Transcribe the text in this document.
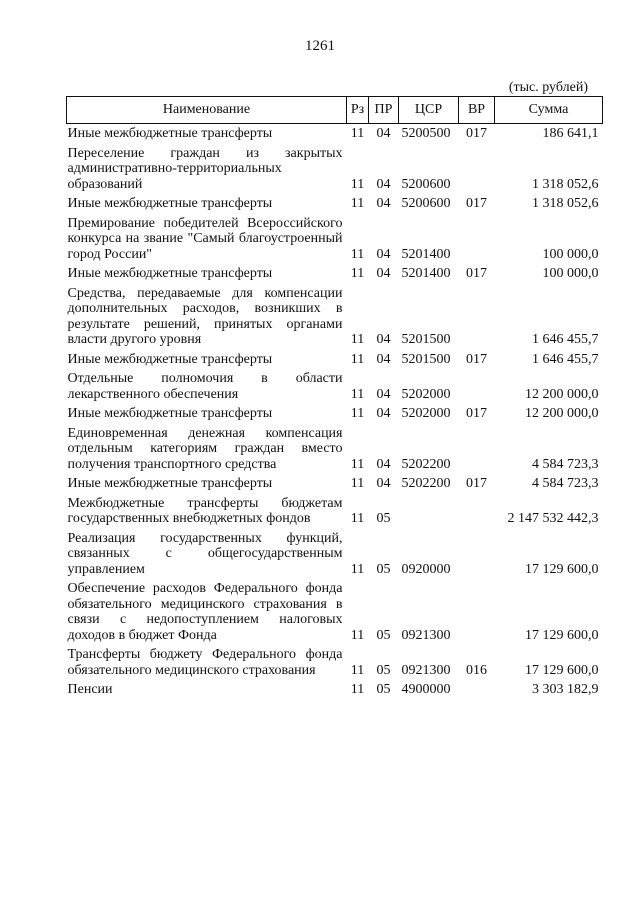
1261
(тыс. рублей)
Наименование	Рз	ПР	ЦСР	ВР	Сумма
Иные межбюджетные трансферты	11	04	5200500	017	186 641,1
Переселение граждан из закрытых административно-территориальных образований	11	04	5200600		1 318 052,6
Иные межбюджетные трансферты	11	04	5200600	017	1 318 052,6
Премирование победителей Всероссийского конкурса на звание "Самый благоустроенный город России"	11	04	5201400		100 000,0
Иные межбюджетные трансферты	11	04	5201400	017	100 000,0
Средства, передаваемые для компенсации дополнительных расходов, возникших в результате решений, принятых органами власти другого уровня	11	04	5201500		1 646 455,7
Иные межбюджетные трансферты	11	04	5201500	017	1 646 455,7
Отдельные полномочия в области лекарственного обеспечения	11	04	5202000		12 200 000,0
Иные межбюджетные трансферты	11	04	5202000	017	12 200 000,0
Единовременная денежная компенсация отдельным категориям граждан вместо получения транспортного средства	11	04	5202200		4 584 723,3
Иные межбюджетные трансферты	11	04	5202200	017	4 584 723,3
Межбюджетные трансферты бюджетам государственных внебюджетных фондов	11	05			2 147 532 442,3
Реализация государственных функций, связанных с общегосударственным управлением	11	05	0920000		17 129 600,0
Обеспечение расходов Федерального фонда обязательного медицинского страхования в связи с недопоступлением налоговых доходов в бюджет Фонда	11	05	0921300		17 129 600,0
Трансферты бюджету Федерального фонда обязательного медицинского страхования	11	05	0921300	016	17 129 600,0
Пенсии	11	05	4900000		3 303 182,9
